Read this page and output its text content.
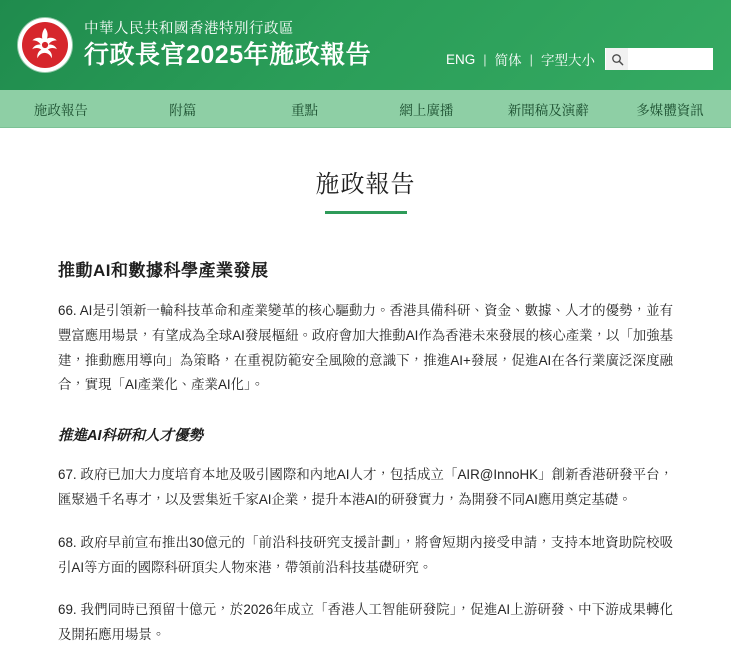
中華人民共和國香港特別行政區
行政長官2025年施政報告	ENG | 简体 | 字型大小
施政報告	附篇	重點	網上廣播	新聞稿及演辭	多媒體資訊
施政報告
推動AI和數據科學產業發展

66. AI是引領新一輪科技革命和產業變革的核心驅動力。香港具備科研、資金、數據、人才的優勢，並有豐富應用場景，有望成為全球AI發展樞紐。政府會加大推動AI作為香港未來發展的核心產業，以「加強基建，推動應用導向」為策略，在重視防範安全風險的意識下，推進AI+發展，促進AI在各行業廣泛深度融合，實現「AI產業化、產業AI化」。

推進AI科研和人才優勢

67. 政府已加大力度培育本地及吸引國際和內地AI人才，包括成立「AIR@InnoHK」創新香港研發平台，匯聚過千名專才，以及雲集近千家AI企業，提升本港AI的研發實力，為開發不同AI應用奠定基礎。

68. 政府早前宣布推出30億元的「前沿科技研究支援計劃」，將會短期內接受申請，支持本地資助院校吸引AI等方面的國際科研頂尖人物來港，帶領前沿科技基礎研究。

69. 我們同時已預留十億元，於2026年成立「香港人工智能研發院」，促進AI上游研發、中下游成果轉化及開拓應用場景。
